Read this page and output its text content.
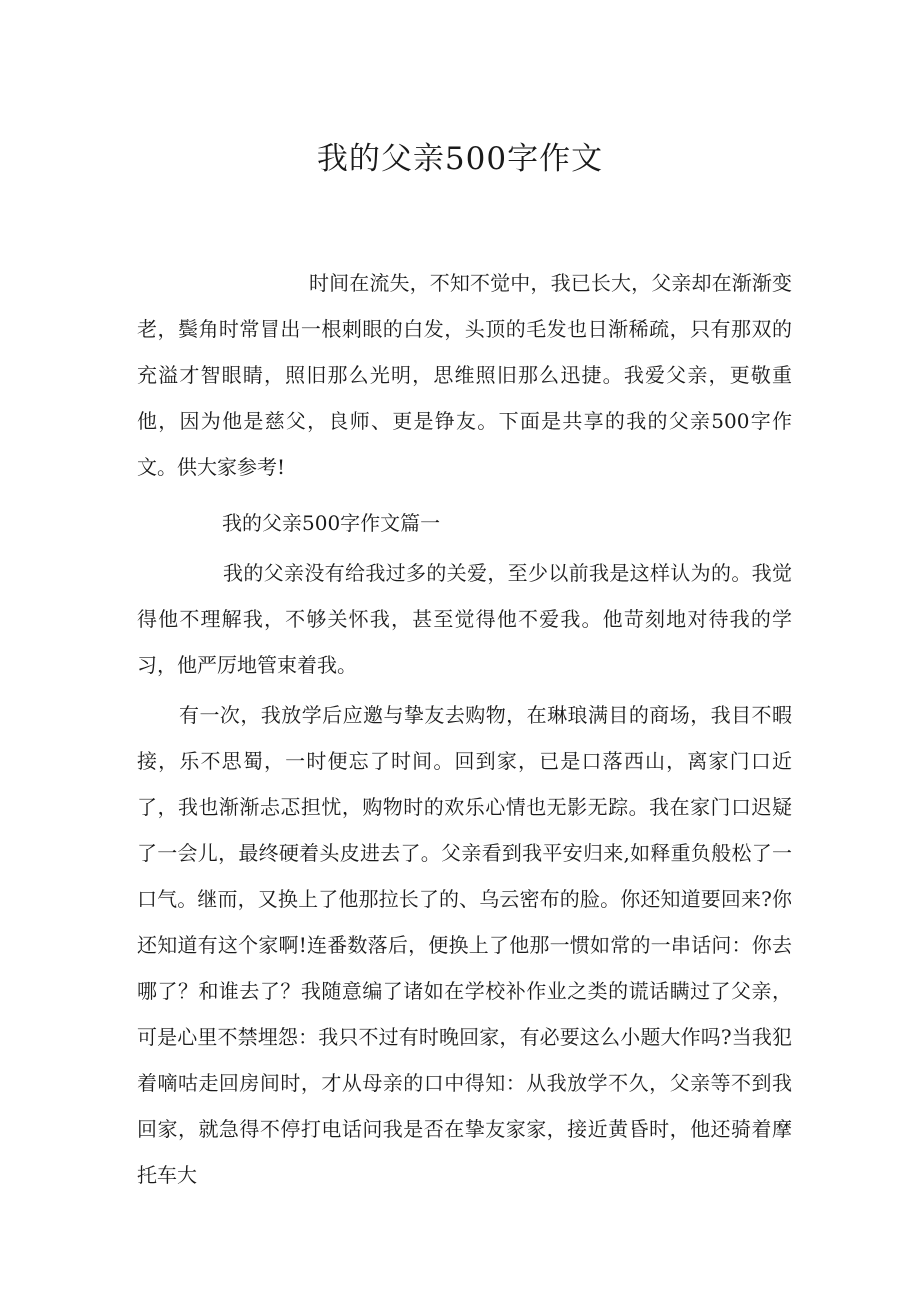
我的父亲500字作文

时间在流失，不知不觉中，我已长大，父亲却在渐渐变老，鬓角时常冒出一根刺眼的白发，头顶的毛发也日渐稀疏，只有那双的充溢才智眼睛，照旧那么光明，思维照旧那么迅捷。我爱父亲，更敬重他，因为他是慈父，良师、更是铮友。下面是共享的我的父亲500字作文。供大家参考!

我的父亲500字作文篇一

我的父亲没有给我过多的关爱，至少以前我是这样认为的。我觉得他不理解我，不够关怀我，甚至觉得他不爱我。他苛刻地对待我的学习，他严厉地管束着我。

有一次，我放学后应邀与挚友去购物，在琳琅满目的商场，我目不暇接，乐不思蜀，一时便忘了时间。回到家，已是口落西山，离家门口近了，我也渐渐忐忑担忧，购物时的欢乐心情也无影无踪。我在家门口迟疑了一会儿，最终硬着头皮进去了。父亲看到我平安归来,如释重负般松了一口气。继而，又换上了他那拉长了的、乌云密布的脸。你还知道要回来?你还知道有这个家啊!连番数落后，便换上了他那一惯如常的一串话问：你去哪了？和谁去了？我随意编了诸如在学校补作业之类的谎话瞒过了父亲，可是心里不禁埋怨：我只不过有时晚回家，有必要这么小题大作吗?当我犯着嘀咕走回房间时，才从母亲的口中得知：从我放学不久，父亲等不到我回家，就急得不停打电话问我是否在挚友家家，接近黄昏时，他还骑着摩托车大
